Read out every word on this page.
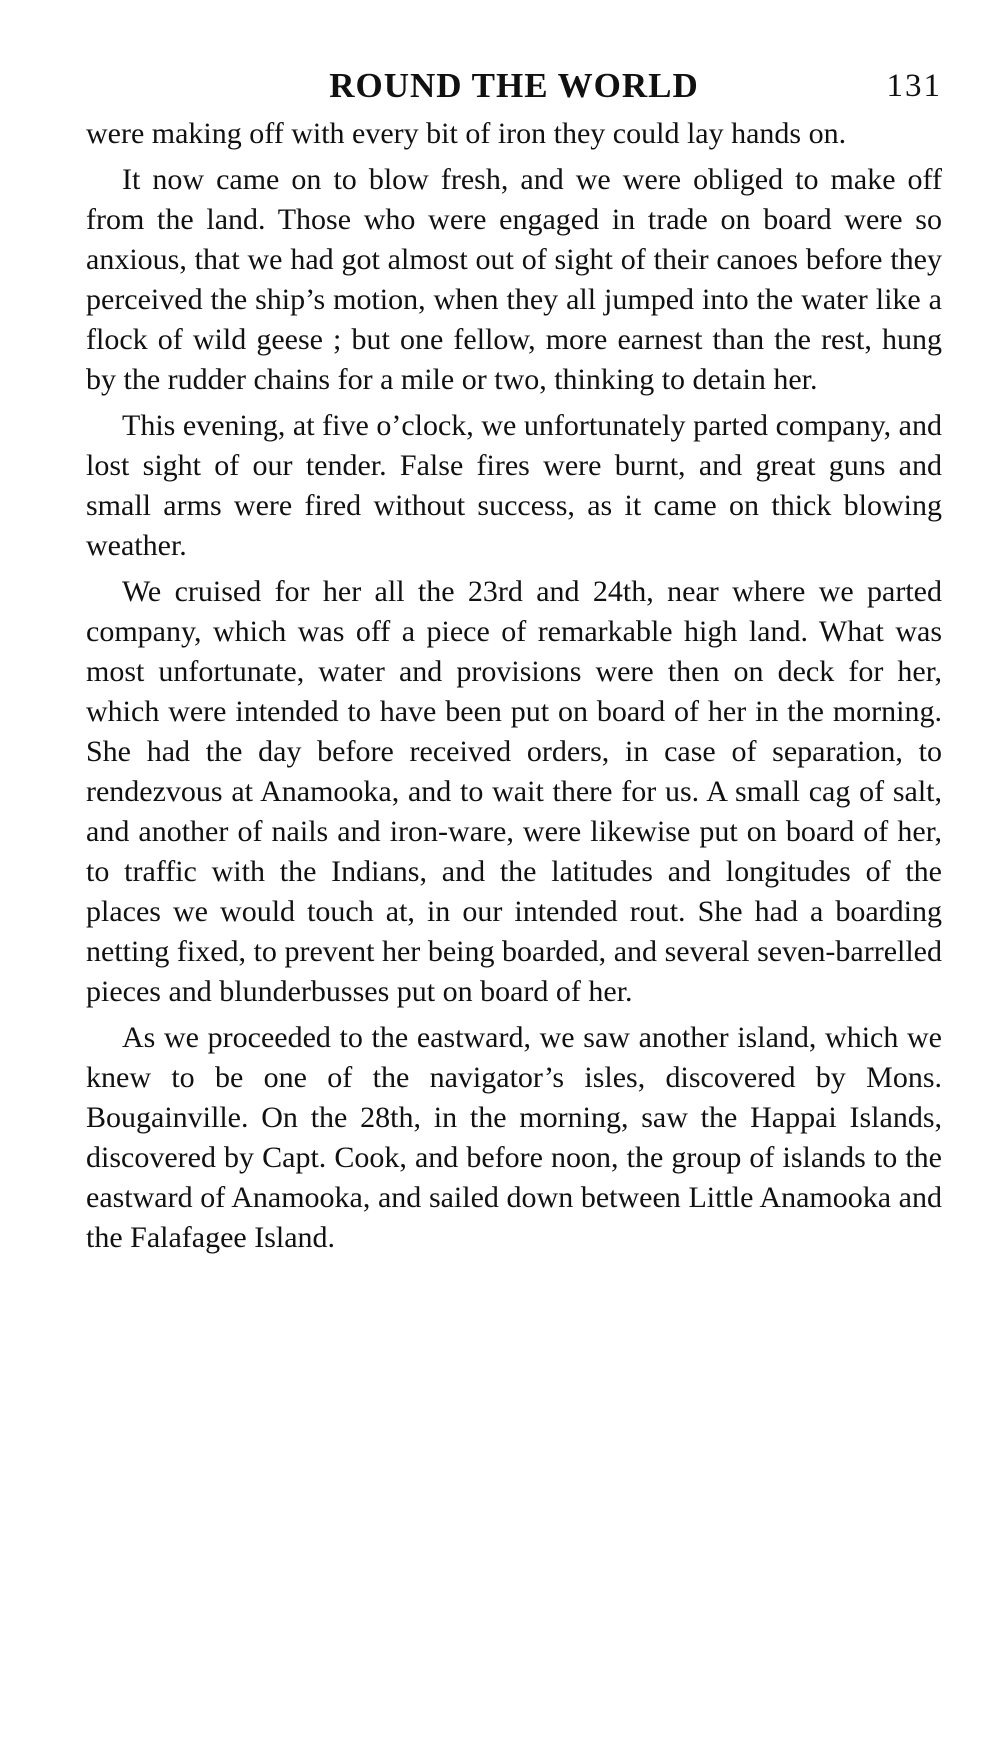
ROUND THE WORLD	131

were making off with every bit of iron they could lay hands on.

It now came on to blow fresh, and we were obliged to make off from the land. Those who were engaged in trade on board were so anxious, that we had got almost out of sight of their canoes before they perceived the ship’s motion, when they all jumped into the water like a flock of wild geese ; but one fellow, more earnest than the rest, hung by the rudder chains for a mile or two, thinking to detain her.

This evening, at five o’clock, we unfortunately parted company, and lost sight of our tender. False fires were burnt, and great guns and small arms were fired without success, as it came on thick blowing weather.

We cruised for her all the 23rd and 24th, near where we parted company, which was off a piece of remarkable high land. What was most unfortunate, water and provisions were then on deck for her, which were intended to have been put on board of her in the morning. She had the day before received orders, in case of separation, to rendezvous at Anamooka, and to wait there for us. A small cag of salt, and another of nails and iron-ware, were likewise put on board of her, to traffic with the Indians, and the latitudes and longitudes of the places we would touch at, in our intended rout. She had a boarding netting fixed, to prevent her being boarded, and several seven-barrelled pieces and blunderbusses put on board of her.

As we proceeded to the eastward, we saw another island, which we knew to be one of the navigator’s isles, discovered by Mons. Bougainville. On the 28th, in the morning, saw the Happai Islands, discovered by Capt. Cook, and before noon, the group of islands to the eastward of Anamooka, and sailed down between Little Anamooka and the Falafagee Island.
